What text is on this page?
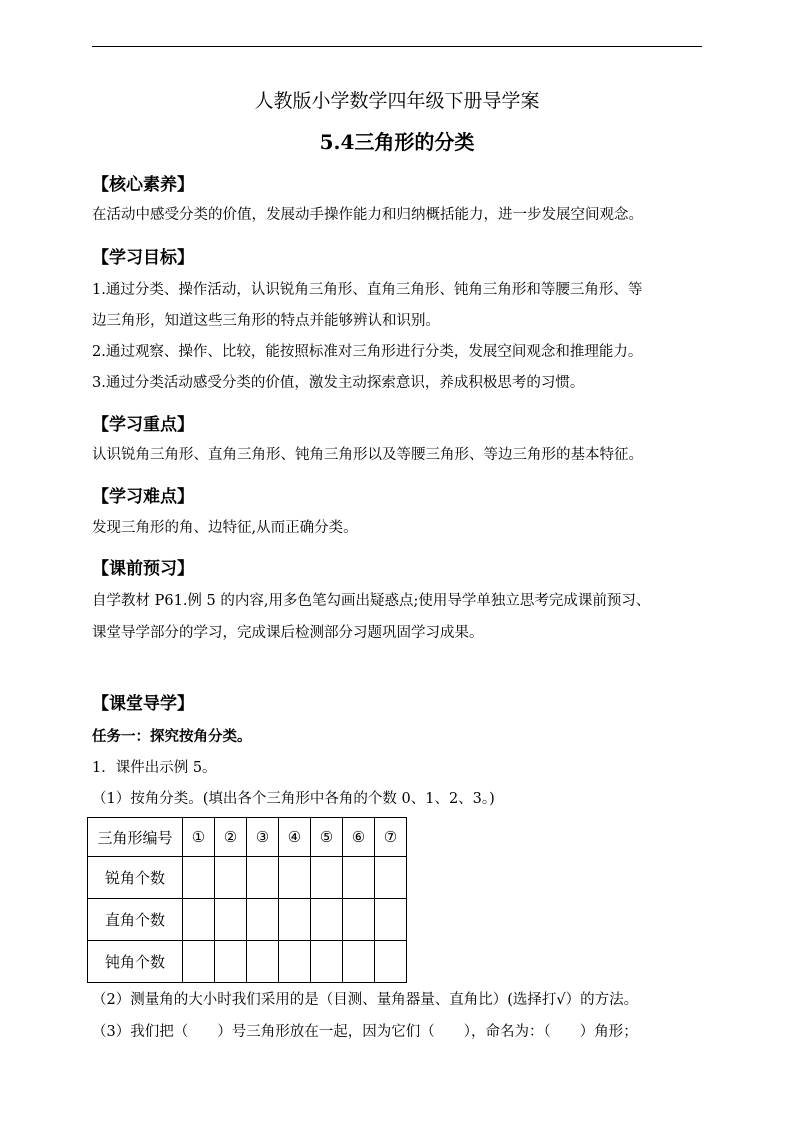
人教版小学数学四年级下册导学案
5.4三角形的分类
【核心素养】
在活动中感受分类的价值，发展动手操作能力和归纳概括能力，进一步发展空间观念。
【学习目标】
1.通过分类、操作活动，认识锐角三角形、直角三角形、钝角三角形和等腰三角形、等
边三角形，知道这些三角形的特点并能够辨认和识别。
2.通过观察、操作、比较，能按照标准对三角形进行分类，发展空间观念和推理能力。
3.通过分类活动感受分类的价值，激发主动探索意识，养成积极思考的习惯。
【学习重点】
认识锐角三角形、直角三角形、钝角三角形以及等腰三角形、等边三角形的基本特征。
【学习难点】
发现三角形的角、边特征,从而正确分类。
【课前预习】
自学教材 P61.例 5 的内容,用多色笔勾画出疑惑点;使用导学单独立思考完成课前预习、
课堂导学部分的学习，完成课后检测部分习题巩固学习成果。
【课堂导学】
任务一：探究按角分类。
1．课件出示例 5。
（1）按角分类。(填出各个三角形中各角的个数 0、1、2、3。)
三角形编号	①	②	③	④	⑤	⑥	⑦
锐角个数							
直角个数							
钝角个数							
（2）测量角的大小时我们采用的是（目测、量角器量、直角比）(选择打√）的方法。
（3）我们把（　　）号三角形放在一起，因为它们（　　），命名为：（　　）角形；
